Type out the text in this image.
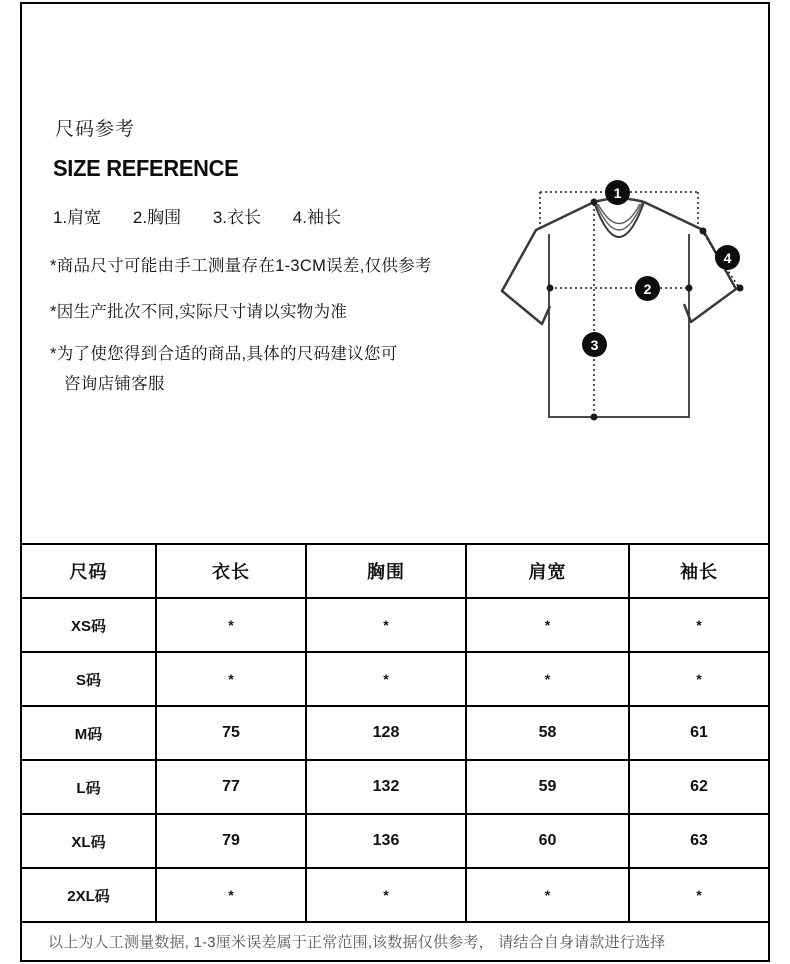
尺码参考
SIZE REFERENCE
1.肩宽 2.胸围 3.衣长 4.袖长
*商品尺寸可能由手工测量存在1-3CM误差,仅供参考
*因生产批次不同,实际尺寸请以实物为准
*为了使您得到合适的商品,具体的尺码建议您可
咨询店铺客服
1
2
3
4
尺码	衣长	胸围	肩宽	袖长
XS码	*	*	*	*
S码	*	*	*	*
M码	75	128	58	61
L码	77	132	59	62
XL码	79	136	60	63
2XL码	*	*	*	*
以上为人工测量数据, 1-3厘米误差属于正常范围,该数据仅供参考， 请结合自身请款进行选择
